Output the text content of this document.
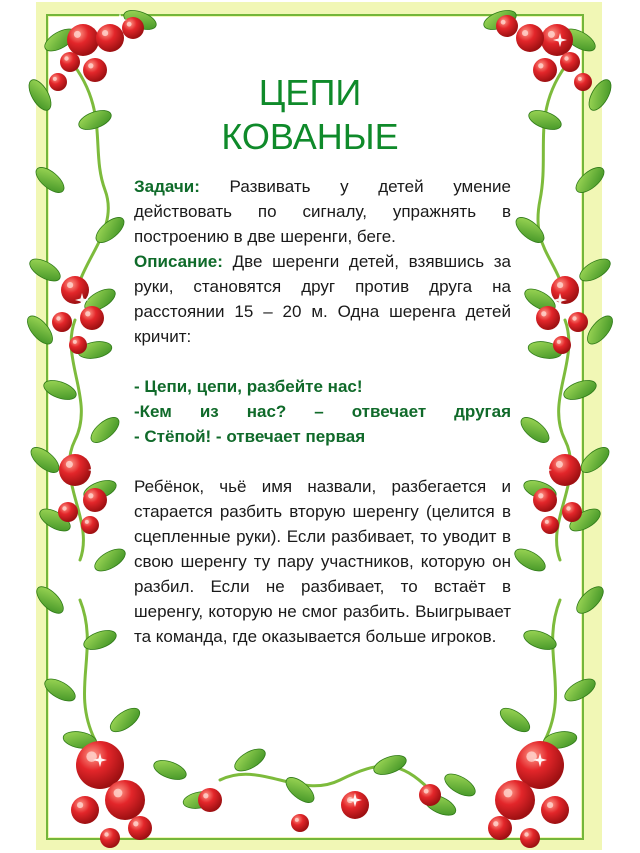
ЦЕПИ
КОВАНЫЕ

Задачи: Развивать у детей умение действовать по сигналу, упражнять в построению в две шеренги, беге.

Описание: Две шеренги детей, взявшись за руки, становятся друг против друга на расстоянии 15 – 20 м. Одна шеренга детей кричит:

- Цепи, цепи, разбейте нас!

-Кем из нас? – отвечает другая

- Стёпой! - отвечает первая

Ребёнок, чьё имя назвали, разбегается и старается разбить вторую шеренгу (целится в сцепленные руки). Если разбивает, то уводит в свою шеренгу ту пару участников, которую он разбил. Если не разбивает, то встаёт в шеренгу, которую не смог разбить. Выигрывает та команда, где оказывается больше игроков.
